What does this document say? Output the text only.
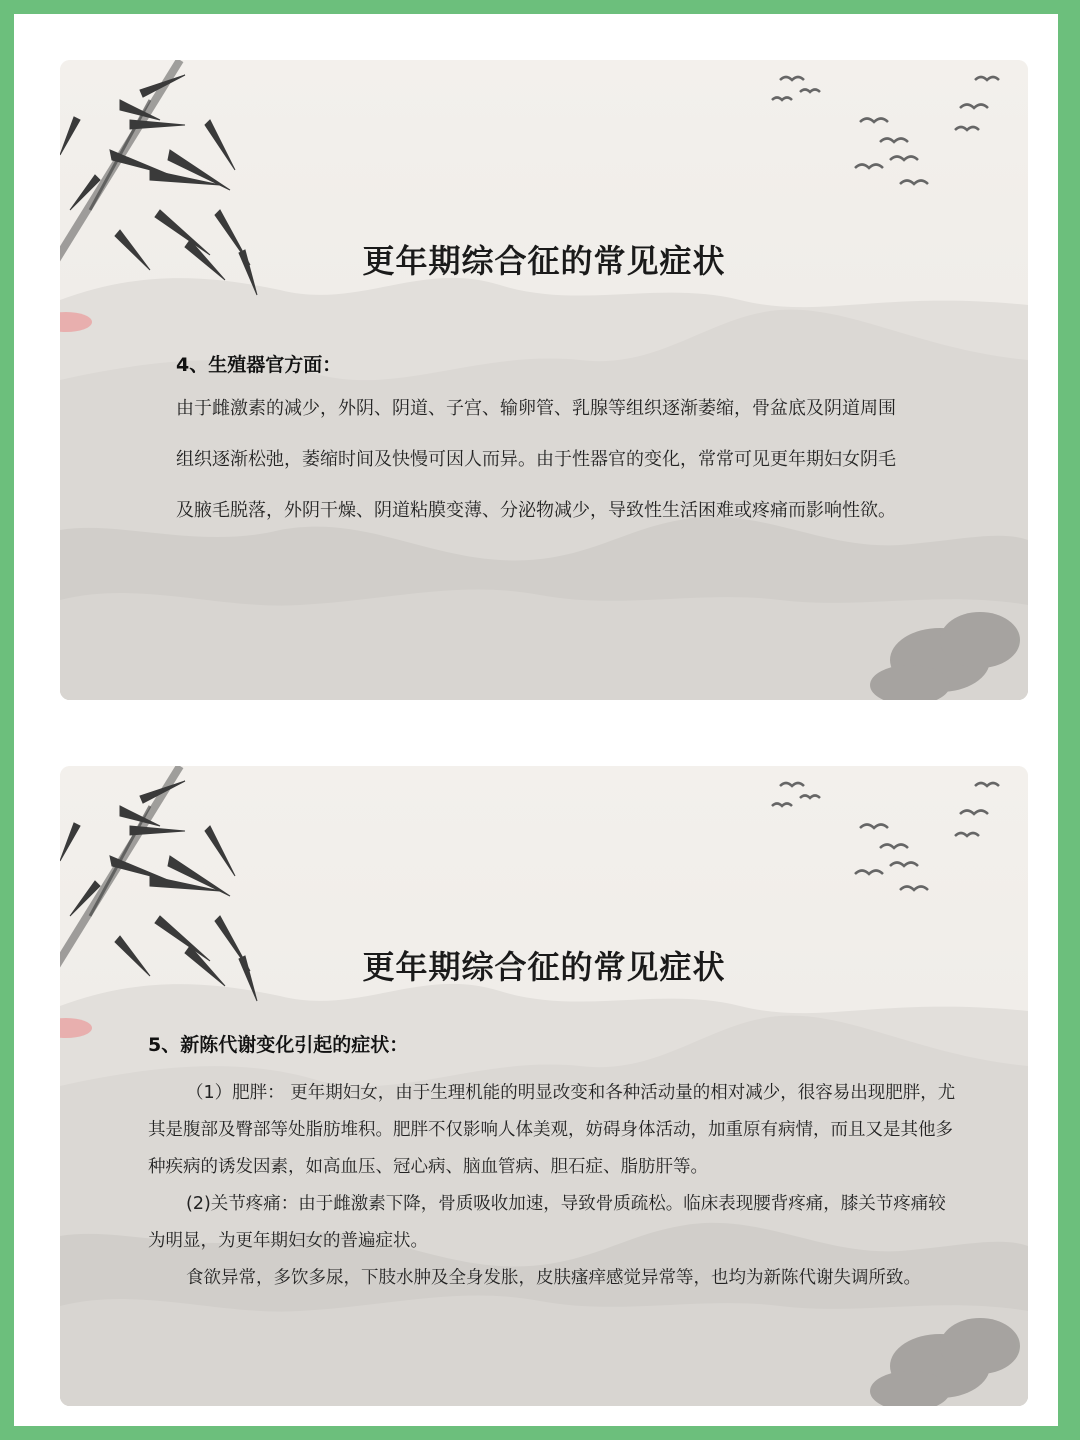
更年期综合征的常见症状
4、生殖器官方面：
由于雌激素的减少，外阴、阴道、子宫、输卵管、乳腺等组织逐渐萎缩，骨盆底及阴道周围
组织逐渐松弛，萎缩时间及快慢可因人而异。由于性器官的变化，常常可见更年期妇女阴毛
及腋毛脱落，外阴干燥、阴道粘膜变薄、分泌物减少，导致性生活困难或疼痛而影响性欲。
更年期综合征的常见症状
5、新陈代谢变化引起的症状：
（1）肥胖： 更年期妇女，由于生理机能的明显改变和各种活动量的相对减少，很容易出现肥胖，尤
其是腹部及臀部等处脂肪堆积。肥胖不仅影响人体美观，妨碍身体活动，加重原有病情，而且又是其他多
种疾病的诱发因素，如高血压、冠心病、脑血管病、胆石症、脂肪肝等。
(2)关节疼痛：由于雌激素下降，骨质吸收加速，导致骨质疏松。临床表现腰背疼痛，膝关节疼痛较
为明显，为更年期妇女的普遍症状。
食欲异常，多饮多尿，下肢水肿及全身发胀，皮肤瘙痒感觉异常等，也均为新陈代谢失调所致。
